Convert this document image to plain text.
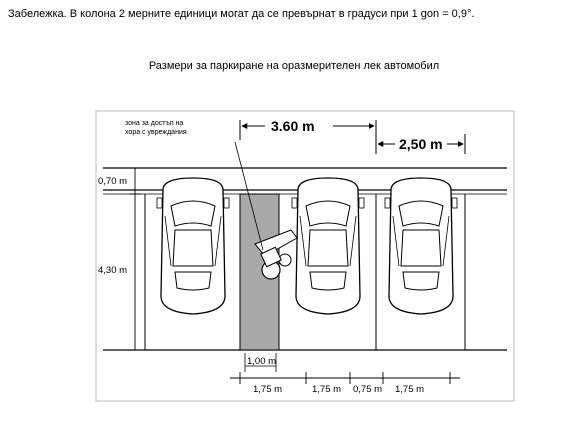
Забележка. В колона 2 мерните единици могат да се превърнат в градуси при 1 gon = 0,9°.
Размери за паркиране на оразмерителен лек автомобил
зона за достъп на
хора с увреждания	3.60 m
2,50 m
0,70 m
4,30 m
1,00 m
1,75 m	1,75 m 0,75 m 1,75 m
